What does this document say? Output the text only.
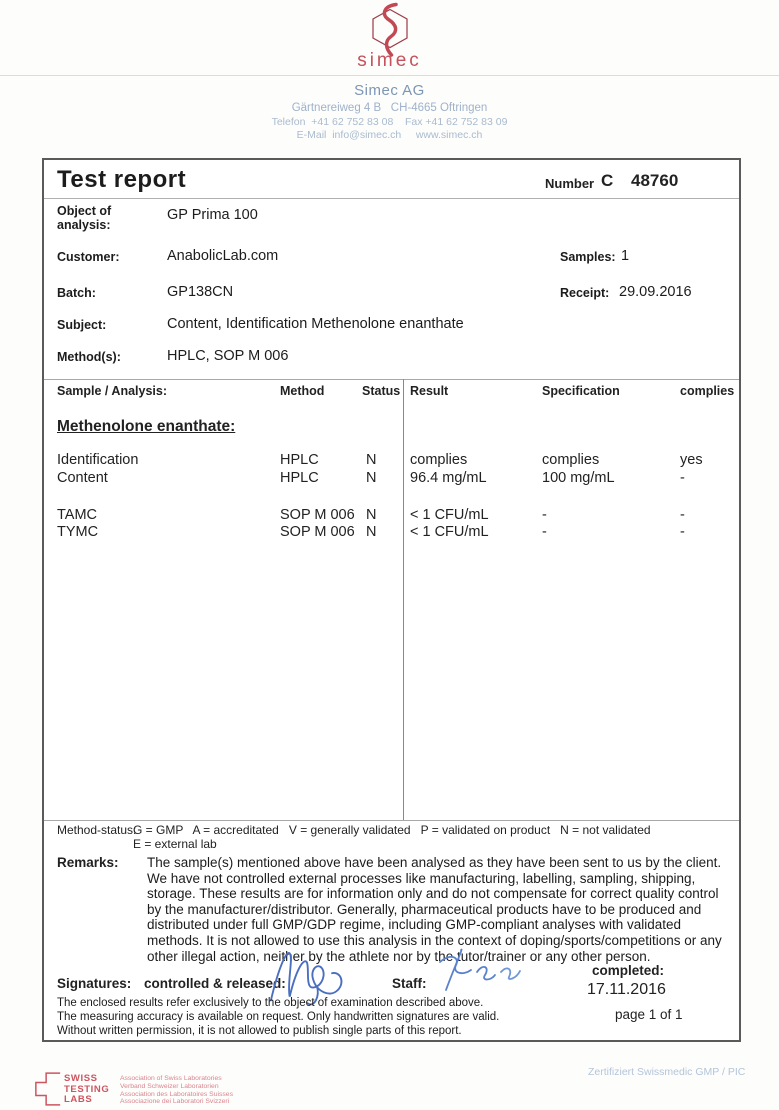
simec
Simec AG
Gärtnereiweg 4 B   CH-4665 Oftringen
Telefon  +41 62 752 83 08    Fax +41 62 752 83 09
E-Mail  info@simec.ch     www.simec.ch
Test report	Number C 48760
Object of analysis:
GP Prima 100
Customer:	AnabolicLab.com	Samples: 1
Batch:	GP138CN	Receipt: 29.09.2016
Subject:	Content, Identification Methenolone enanthate
Method(s):	HPLC, SOP M 006
Sample / Analysis:	Method	Status Result	Specification	complies
Methenolone enanthate:
Identification	HPLC	N complies	complies	yes
Content	HPLC	N 96.4 mg/mL	100 mg/mL	-
TAMC	SOP M 006 N < 1 CFU/mL	-	-
TYMC	SOP M 006 N < 1 CFU/mL	-	-
Method-status:
G = GMP   A = accreditated   V = generally validated   P = validated on product   N = not validated
E = external lab
Remarks: The sample(s) mentioned above have been analysed as they have been sent to us by the client. We have not controlled external processes like manufacturing, labelling, sampling, shipping, storage. These results are for information only and do not compensate for correct quality control by the manufacturer/distributor. Generally, pharmaceutical products have to be produced and distributed under full GMP/GDP regime, including GMP-compliant analyses with validated methods. It is not allowed to use this analysis in the context of doping/sports/competitions or any other illegal action, neither by the athlete nor by the tutor/trainer or any other person.
Signatures: controlled & released:	Staff:
completed:
17.11.2016
page 1 of 1
The enclosed results refer exclusively to the object of examination described above.
The measuring accuracy is available on request. Only handwritten signatures are valid.
Without written permission, it is not allowed to publish single parts of this report.
SWISS
TESTING
LABS
Association of Swiss Laboratories
Verband Schweizer Laboratorien
Association des Laboratoires Suisses
Associazione dei Laboratori Svizzeri
Zertifiziert Swissmedic GMP / PIC
